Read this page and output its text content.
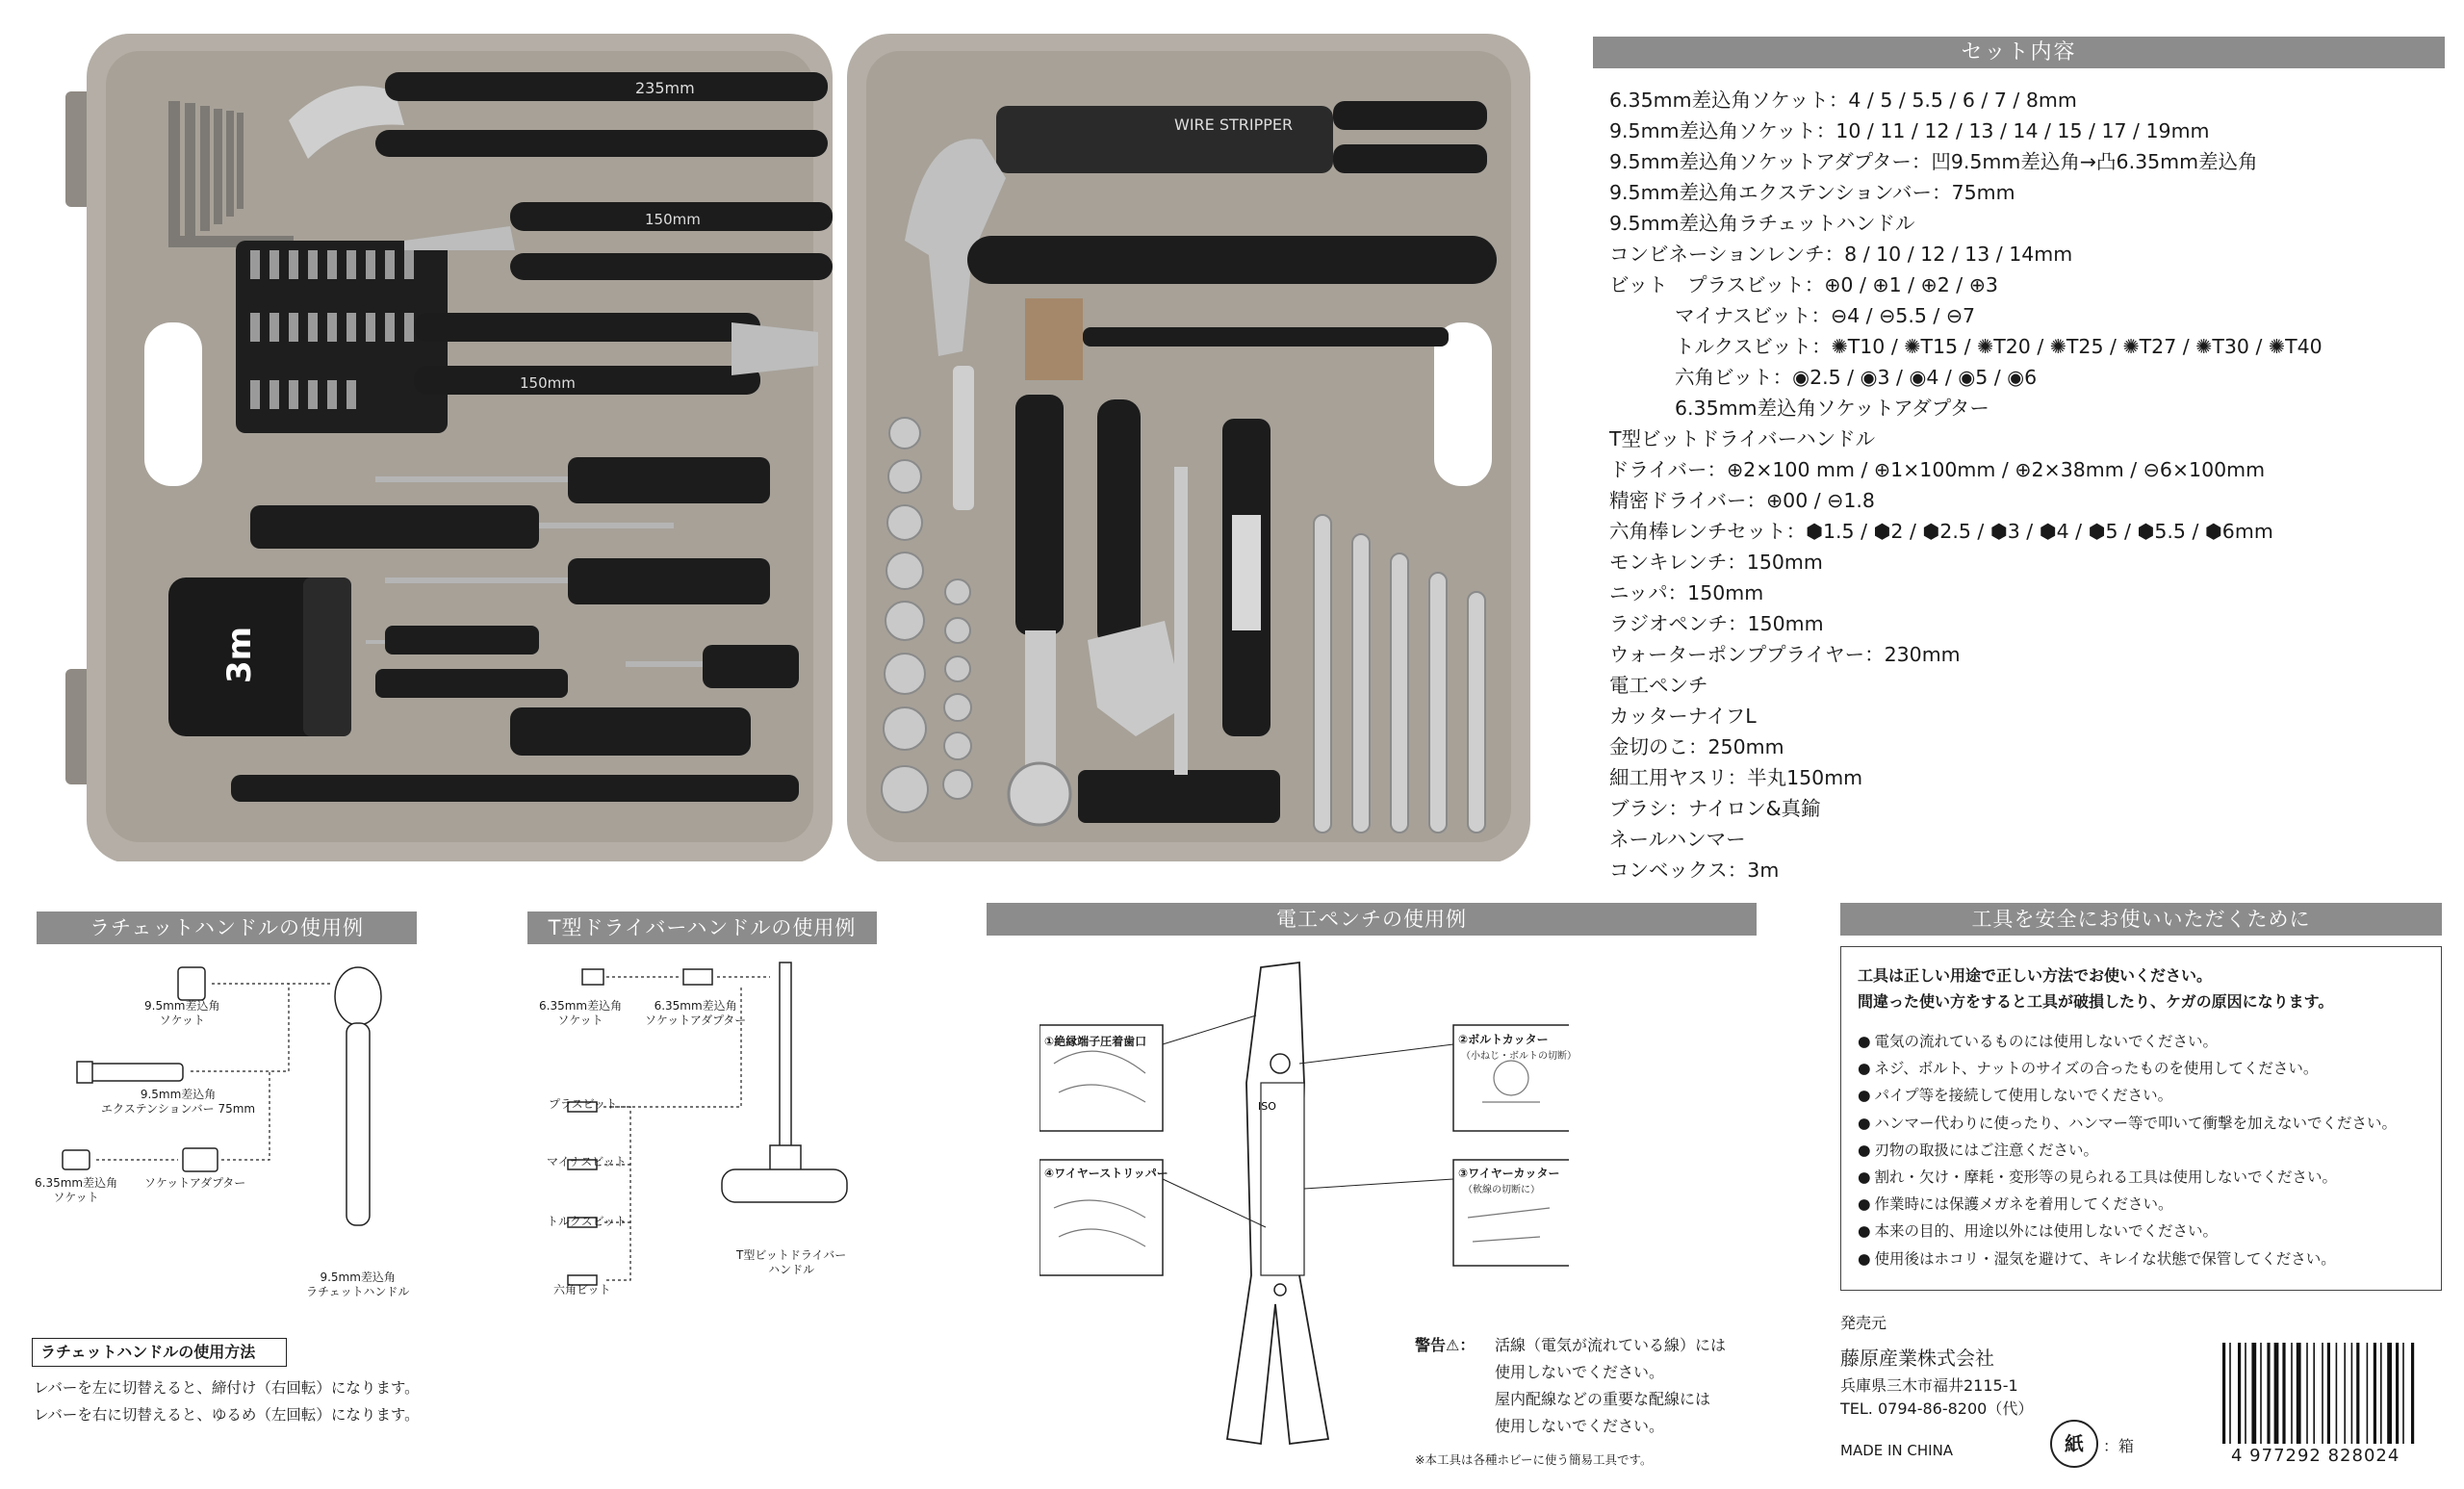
235mm
150mm
150mm
3m
WIRE STRIPPER
セット内容
6.35mm差込角ソケット：4 / 5 / 5.5 / 6 / 7 / 8mm
9.5mm差込角ソケット：10 / 11 / 12 / 13 / 14 / 15 / 17 / 19mm
9.5mm差込角ソケットアダプター：凹9.5mm差込角→凸6.35mm差込角
9.5mm差込角エクステンションバー：75mm
9.5mm差込角ラチェットハンドル
コンビネーションレンチ：8 / 10 / 12 / 13 / 14mm
ビット　プラスビット：⊕0 / ⊕1 / ⊕2 / ⊕3
マイナスビット：⊖4 / ⊖5.5 / ⊖7
トルクスビット：✺T10 / ✺T15 / ✺T20 / ✺T25 / ✺T27 / ✺T30 / ✺T40
六角ビット：◉2.5 / ◉3 / ◉4 / ◉5 / ◉6
6.35mm差込角ソケットアダプター
T型ビットドライバーハンドル
ドライバー：⊕2×100 mm / ⊕1×100mm / ⊕2×38mm / ⊖6×100mm
精密ドライバー：⊕00 / ⊖1.8
六角棒レンチセット：⬢1.5 / ⬢2 / ⬢2.5 / ⬢3 / ⬢4 / ⬢5 / ⬢5.5 / ⬢6mm
モンキレンチ：150mm
ニッパ：150mm
ラジオペンチ：150mm
ウォーターポンププライヤー：230mm
電工ペンチ
カッターナイフL
金切のこ：250mm
細工用ヤスリ：半丸150mm
ブラシ：ナイロン&真鍮
ネールハンマー
コンベックス：3m
ラチェットハンドルの使用例
9.5mm差込角
ソケット
9.5mm差込角
エクステンションバー 75mm
6.35mm差込角
ソケット
ソケットアダプター
9.5mm差込角
ラチェットハンドル
ラチェットハンドルの使用方法
レバーを左に切替えると、締付け（右回転）になります。
レバーを右に切替えると、ゆるめ（左回転）になります。
T型ドライバーハンドルの使用例
6.35mm差込角
ソケット
6.35mm差込角
ソケットアダプター
プラスビット
マイナスビット
トルクスビット
六角ビット
T型ビットドライバー
ハンドル
電工ペンチの使用例
ISO
①絶縁端子圧着歯口	②ボルトカッター
（小ねじ・ボルトの切断）
④ワイヤーストリッパー	③ワイヤーカッター
（軟線の切断に）
警告⚠： 活線（電気が流れている線）には
使用しないでください。
屋内配線などの重要な配線には
使用しないでください。
※本工具は各種ホビーに使う簡易工具です。
工具を安全にお使いいただくために
工具は正しい用途で正しい方法でお使いください。
間違った使い方をすると工具が破損したり、ケガの原因になります。
● 電気の流れているものには使用しないでください。
● ネジ、ボルト、ナットのサイズの合ったものを使用してください。
● パイプ等を接続して使用しないでください。
● ハンマー代わりに使ったり、ハンマー等で叩いて衝撃を加えないでください。
● 刃物の取扱にはご注意ください。
● 割れ・欠け・摩耗・変形等の見られる工具は使用しないでください。
● 作業時には保護メガネを着用してください。
● 本来の目的、用途以外には使用しないでください。
● 使用後はホコリ・湿気を避けて、キレイな状態で保管してください。
発売元
藤原産業株式会社
兵庫県三木市福井2115-1
TEL. 0794-86-8200（代）
MADE IN CHINA	紙	：箱	4 977292 828024
